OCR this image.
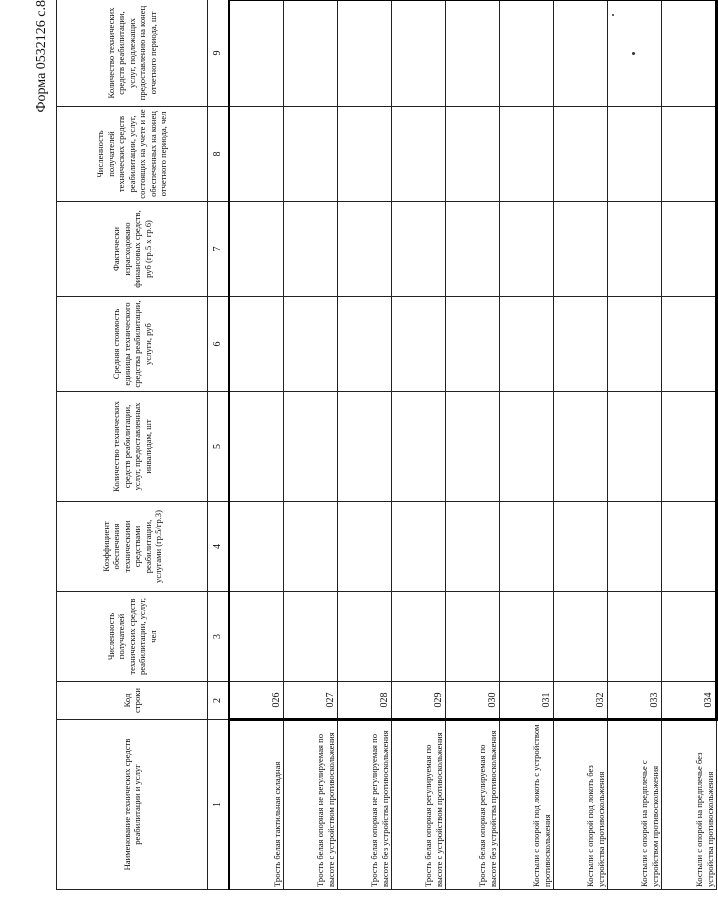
Форма 0532126 с.8
Наименование технических средств реабилитации и услуг	Код строки	Численность получателей технических средств реабилитации, услуг, чел	Коэффициент обеспечения техническими средствами реабилитации, услугами (гр.5/гр.3)	Количество технических средств реабилитации, услуг, предоставленных инвалидам, шт	Средняя стоимость единицы технического средства реабилитации, услуги, руб	Фактически израсходовано финансовых средств, руб (гр.5 х гр.6)	Численность получателей технических средств реабилитации, услуг, состоящих на учете и не обеспеченных на конец отчетного периода, чел	Количество технических средств реабилитации, услуг, подлежащих предоставлению на конец отчетного периода, шт
1	2	3	4	5	6	7	8	9
Трость белая тактильная складная	026							
Трость белая опорная не регулируемая по высоте с устройством противоскольжения	027							
Трость белая опорная не регулируемая по высоте без устройства противоскольжения	028							
Трость белая опорная регулируемая по высоте с устройством противоскольжения	029							
Трость белая опорная регулируемая по высоте без устройства противоскольжения	030							
Костыли с опорой под локоть с устройством противоскольжения	031							
Костыли с опорой под локоть без устройства противоскольжения	032							
Костыли с опорой на предплечье с устройством противоскольжения	033							
Костыли с опорой на предплечье без устройства противоскольжения	034							
